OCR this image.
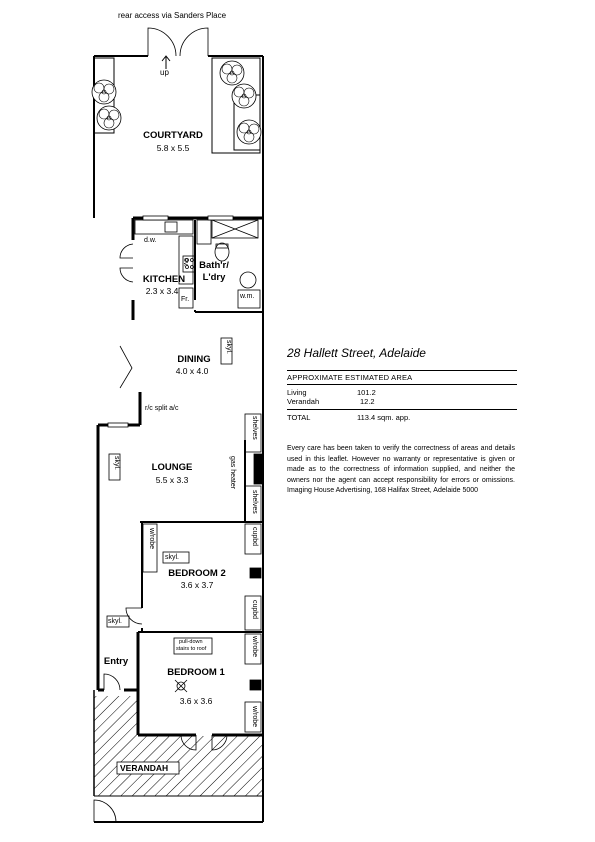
rear access via Sanders Place
up
COURTYARD
5.8 x 5.5
KITCHEN
2.3 x 3.4
d.w.
ov.
Fr.
Bath'r/
L'dry
w.m.
DINING
4.0 x 4.0
skyl.
r/c split a/c
LOUNGE
5.5 x 3.3
skyl.
shelves
gas heater
shelves
BEDROOM 2
3.6 x 3.7
w/robe
skyl.
cupbd
cupbd
skyl.
pull-down
stairs to roof
BEDROOM 1
3.6 x 3.6
w/robe
w/robe
Entry
VERANDAH
28 Hallett Street, Adelaide
APPROXIMATE ESTIMATED AREA
Living	101.2
Verandah	12.2
TOTAL	113.4 sqm. app.
Every care has been taken to verify the correctness of areas and details used in this leaflet. However no warranty or representative is given or made as to the correctness of information supplied, and neither the owners nor the agent can accept responsibility for errors or omissions. Imaging House Advertising, 168 Halifax Street, Adelaide 5000
